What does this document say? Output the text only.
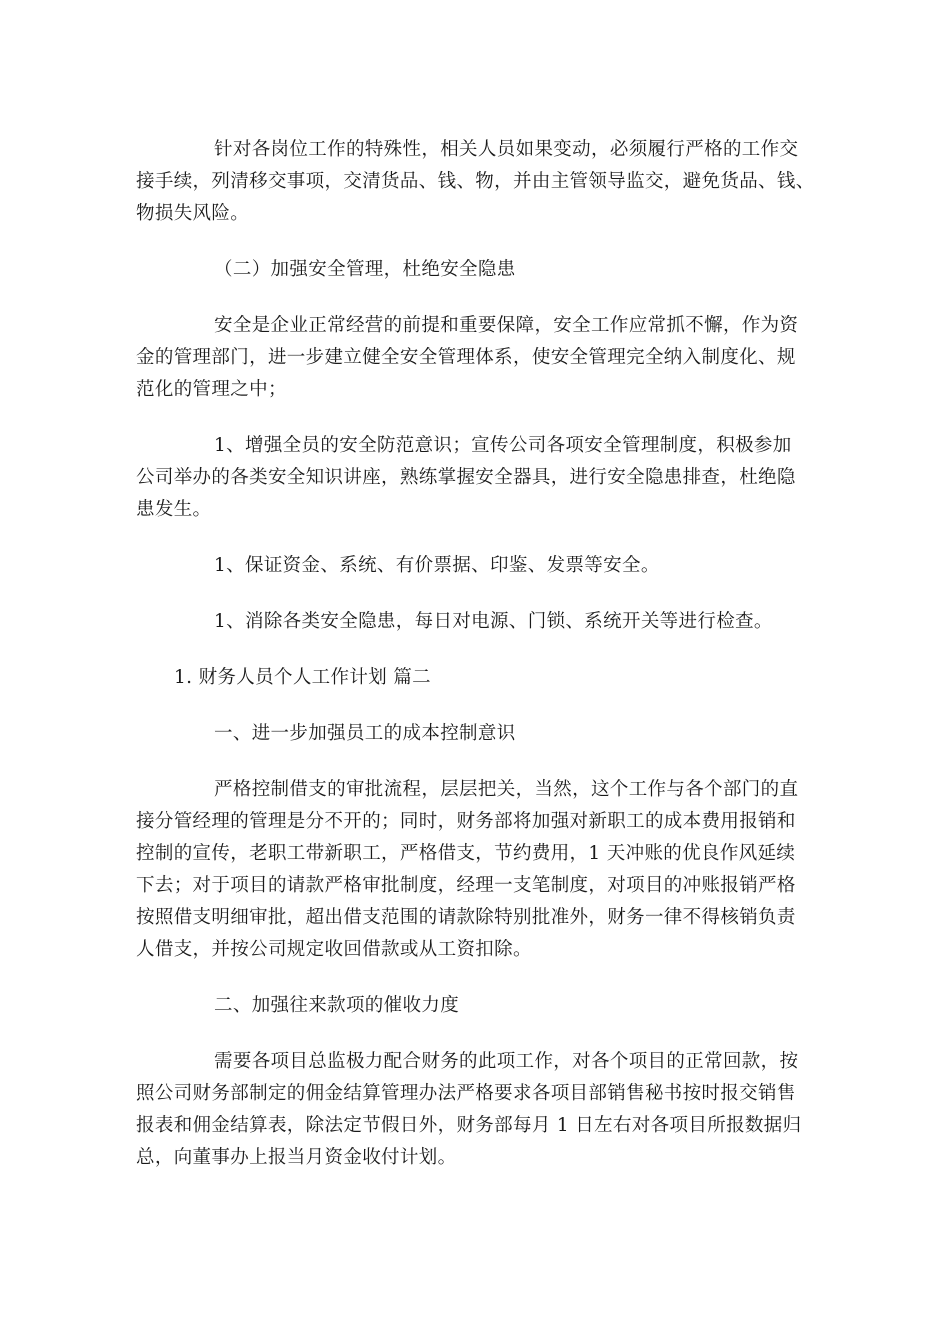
针对各岗位工作的特殊性，相关人员如果变动，必须履行严格的工作交
接手续，列清移交事项，交清货品、钱、物，并由主管领导监交，避免货品、钱、
物损失风险。
（二）加强安全管理，杜绝安全隐患
安全是企业正常经营的前提和重要保障，安全工作应常抓不懈，作为资
金的管理部门，进一步建立健全安全管理体系，使安全管理完全纳入制度化、规
范化的管理之中；
1、增强全员的安全防范意识；宣传公司各项安全管理制度，积极参加
公司举办的各类安全知识讲座，熟练掌握安全器具，进行安全隐患排查，杜绝隐
患发生。
1、保证资金、系统、有价票据、印鉴、发票等安全。
1、消除各类安全隐患，每日对电源、门锁、系统开关等进行检查。
1. 财务人员个人工作计划 篇二
一、进一步加强员工的成本控制意识
严格控制借支的审批流程，层层把关，当然，这个工作与各个部门的直
接分管经理的管理是分不开的；同时，财务部将加强对新职工的成本费用报销和
控制的宣传，老职工带新职工，严格借支，节约费用，1 天冲账的优良作风延续
下去；对于项目的请款严格审批制度，经理一支笔制度，对项目的冲账报销严格
按照借支明细审批，超出借支范围的请款除特别批准外，财务一律不得核销负责
人借支，并按公司规定收回借款或从工资扣除。
二、加强往来款项的催收力度
需要各项目总监极力配合财务的此项工作，对各个项目的正常回款，按
照公司财务部制定的佣金结算管理办法严格要求各项目部销售秘书按时报交销售
报表和佣金结算表，除法定节假日外，财务部每月 1 日左右对各项目所报数据归
总，向董事办上报当月资金收付计划。
